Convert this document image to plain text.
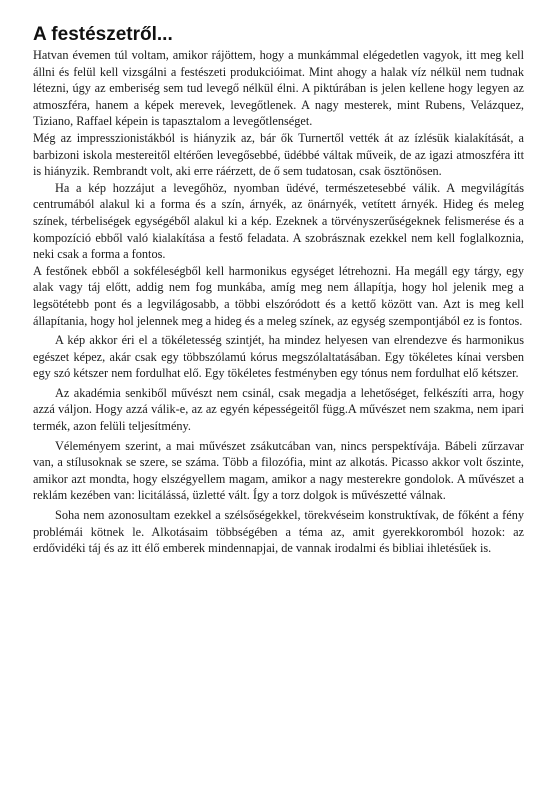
A festészetről...

Hatvan évemen túl voltam, amikor rájöttem, hogy a munkámmal elégedetlen vagyok, itt meg kell állni és felül kell vizsgálni a festészeti produkcióimat. Mint ahogy a halak víz nélkül nem tudnak létezni, úgy az emberiség sem tud levegő nélkül élni. A piktúrában is jelen kellene hogy legyen az atmoszféra, hanem a képek merevek, levegőtlenek. A nagy mesterek, mint Rubens, Velázquez, Tiziano, Raffael képein is tapasztalom a levegőtlenséget.

Még az impresszionistákból is hiányzik az, bár ők Turnertől vették át az ízlésük kialakítását, a barbizoni iskola mestereitől eltérően levegősebbé, üdébbé váltak műveik, de az igazi atmoszféra itt is hiányzik. Rembrandt volt, aki erre ráérzett, de ő sem tudatosan, csak ösztönösen.

Ha a kép hozzájut a levegőhöz, nyomban üdévé, természetesebbé válik. A megvilágítás centrumából alakul ki a forma és a szín, árnyék, az önárnyék, vetített árnyék. Hideg és meleg színek, térbeliségek egységéből alakul ki a kép. Ezeknek a törvényszerűségeknek felismerése és a kompozíció ebből való kialakítása a festő feladata. A szobrásznak ezekkel nem kell foglalkoznia, neki csak a forma a fontos.

A festőnek ebből a sokféleségből kell harmonikus egységet létrehozni. Ha megáll egy tárgy, egy alak vagy táj előtt, addig nem fog munkába, amíg meg nem állapítja, hogy hol jelenik meg a legsötétebb pont és a legvilágosabb, a többi elszóródott és a kettő között van. Azt is meg kell állapítania, hogy hol jelennek meg a hideg és a meleg színek, az egység szempontjából ez is fontos.

A kép akkor éri el a tökéletesség szintjét, ha mindez helyesen van elrendezve és harmonikus egészet képez, akár csak egy többszólamú kórus megszólaltatásában. Egy tökéletes kínai versben egy szó kétszer nem fordulhat elő. Egy tökéletes festményben egy tónus nem fordulhat elő kétszer.

Az akadémia senkiből művészt nem csinál, csak megadja a lehetőséget, felkészíti arra, hogy azzá váljon. Hogy azzá válik-e, az az egyén képességeitől függ.A művészet nem szakma, nem ipari termék, azon felüli teljesítmény.

Véleményem szerint, a mai művészet zsákutcában van, nincs perspektívája. Bábeli zűrzavar van, a stílusoknak se szere, se száma. Több a filozófia, mint az alkotás. Picasso akkor volt őszinte, amikor azt mondta, hogy elszégyellem magam, amikor a nagy mesterekre gondolok. A művészet a reklám kezében van: licitálássá, üzletté vált. Így a torz dolgok is művészetté válnak.

Soha nem azonosultam ezekkel a szélsőségekkel, törekvéseim konstruktívak, de főként a fény problémái kötnek le. Alkotásaim többségében a téma az, amit gyerekkoromból hozok: az erdővidéki táj és az itt élő emberek mindennapjai, de vannak irodalmi és bibliai ihletésűek is.
